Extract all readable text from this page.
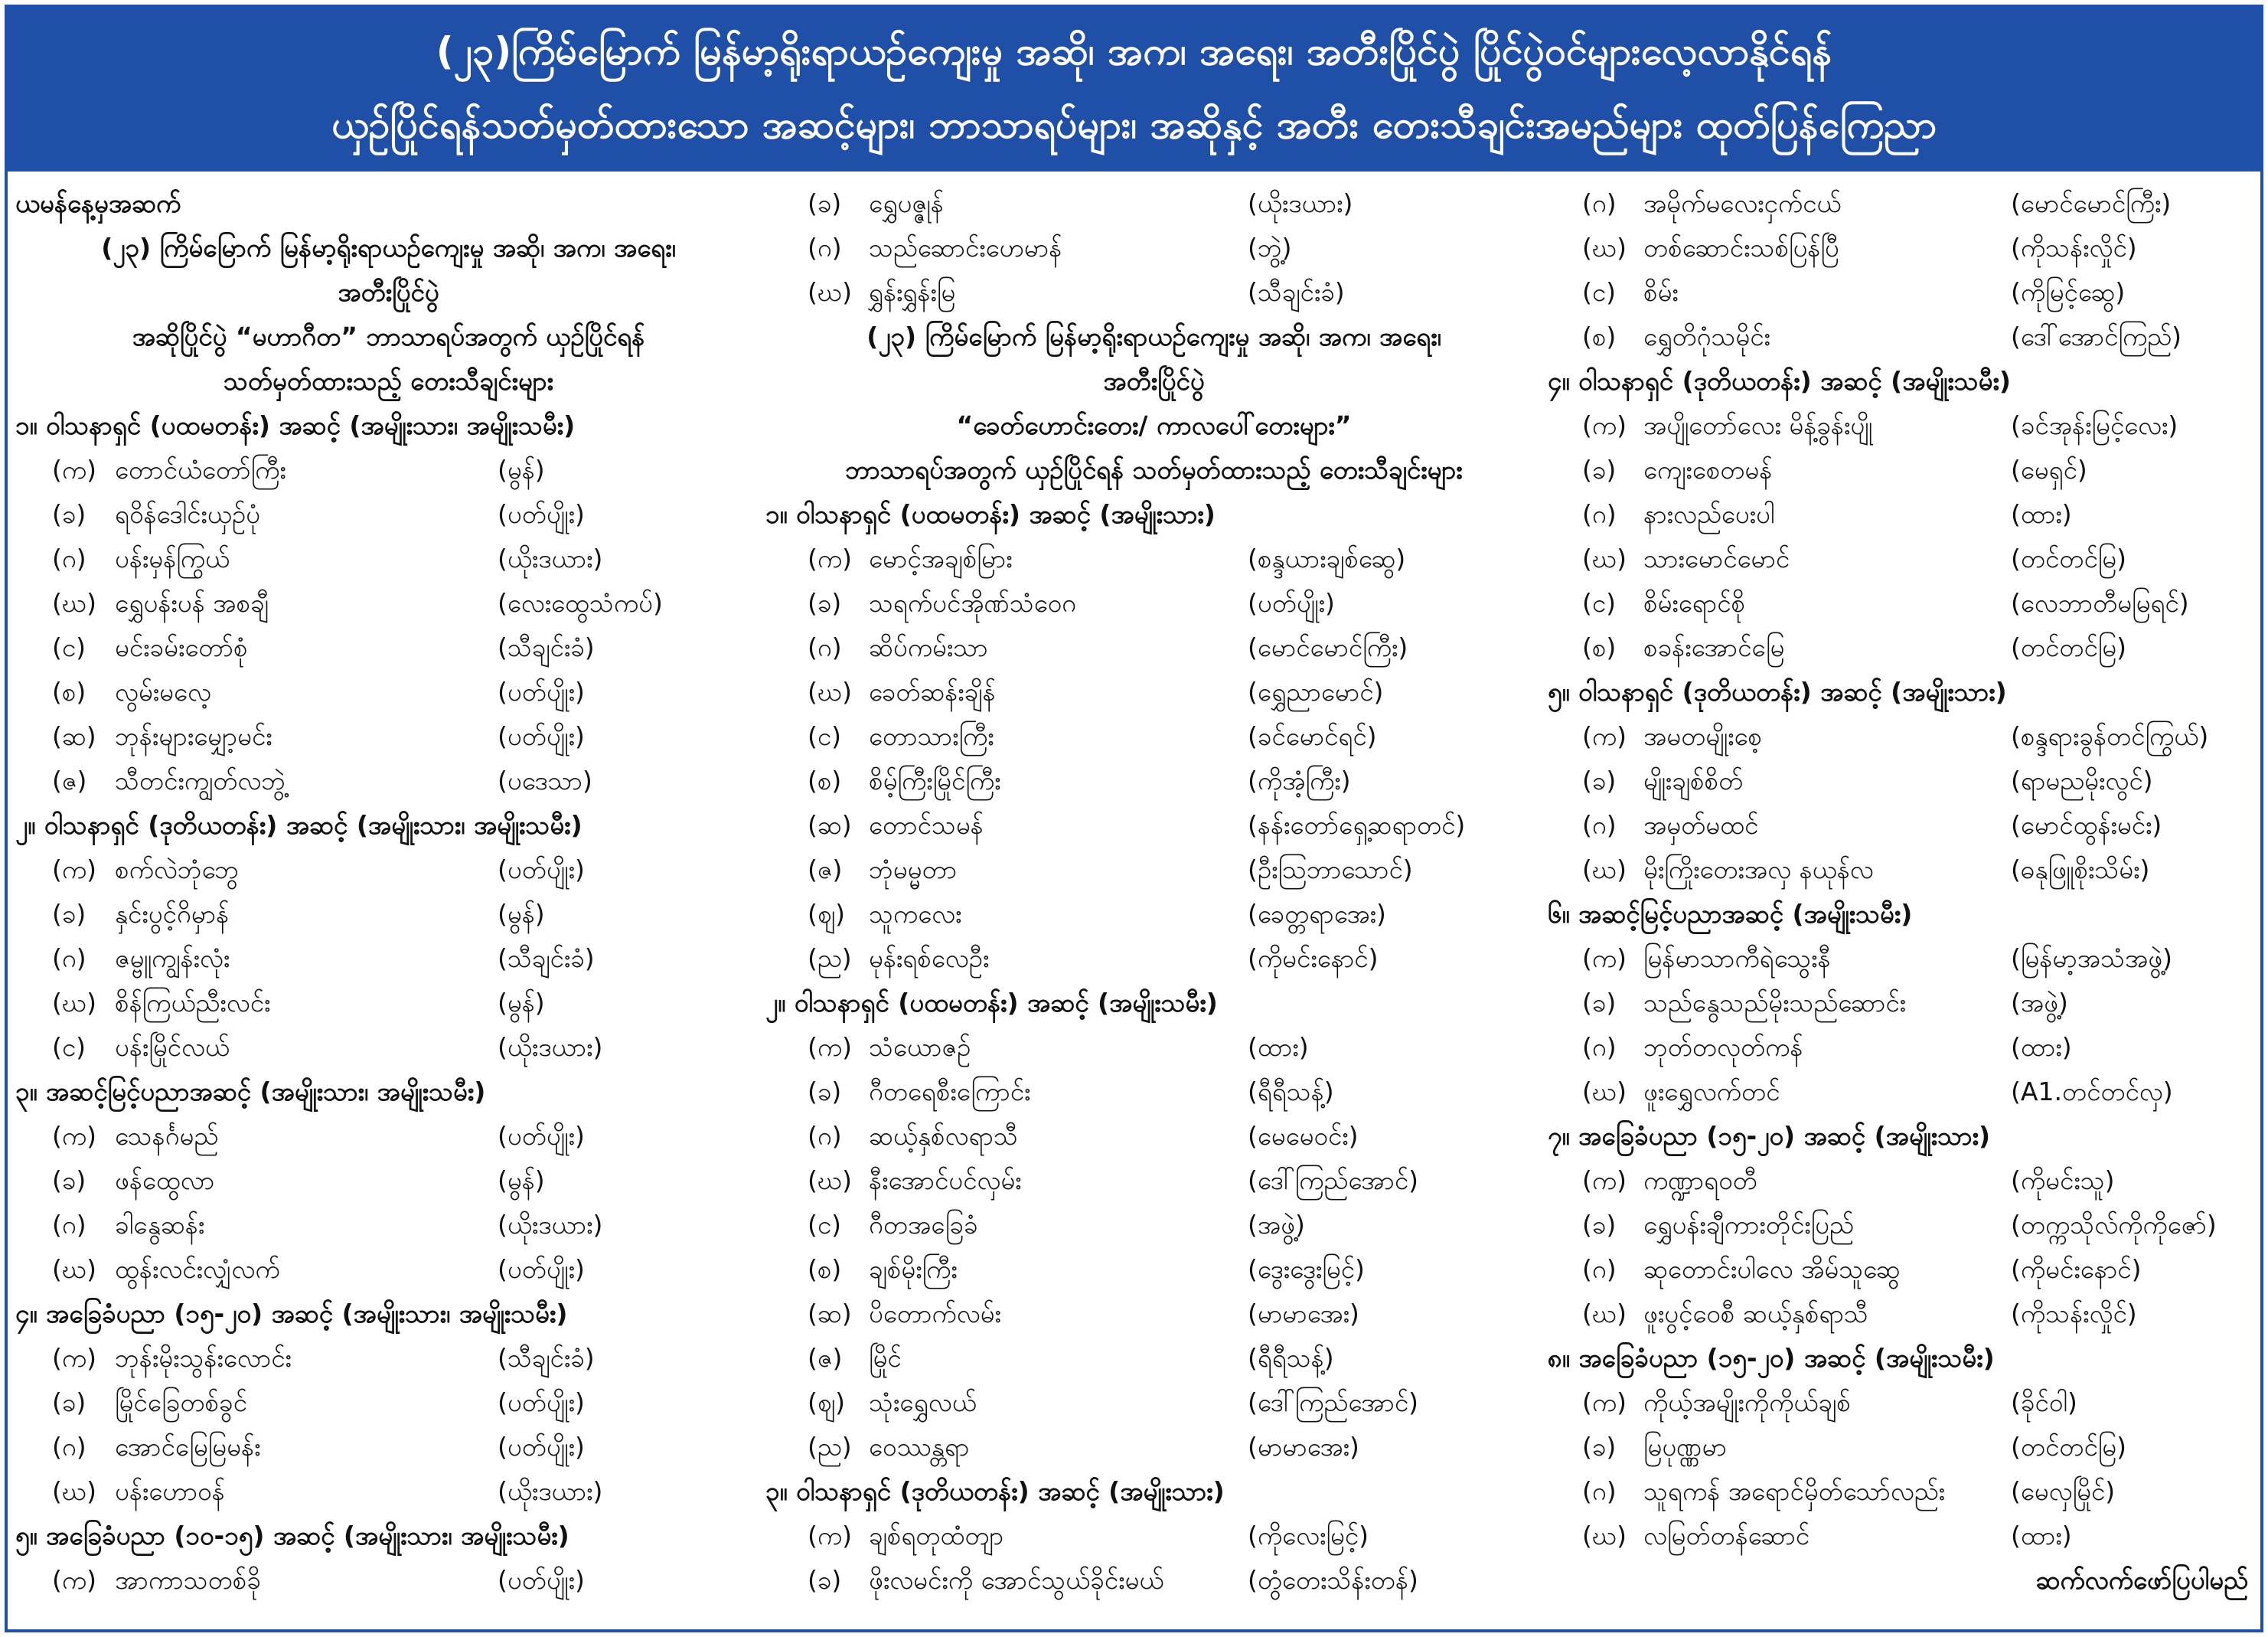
(၂၃)ကြိမ်မြောက် မြန်မာ့ရိုးရာယဉ်ကျေးမှု အဆို၊ အက၊ အရေး၊ အတီးပြိုင်ပွဲ ပြိုင်ပွဲဝင်များလေ့လာနိုင်ရန်
ယှဉ်ပြိုင်ရန်သတ်မှတ်ထားသော အဆင့်များ၊ ဘာသာရပ်များ၊ အဆိုနှင့် အတီး တေးသီချင်းအမည်များ ထုတ်ပြန်ကြေညာ
ယမန်နေ့မှအဆက်
(၂၃) ကြိမ်မြောက် မြန်မာ့ရိုးရာယဉ်ကျေးမှု အဆို၊ အက၊ အရေး၊
အတီးပြိုင်ပွဲ
အဆိုပြိုင်ပွဲ “မဟာဂီတ” ဘာသာရပ်အတွက် ယှဉ်ပြိုင်ရန်
သတ်မှတ်ထားသည့် တေးသီချင်းများ
၁။ ဝါသနာရှင် (ပထမတန်း) အဆင့် (အမျိုးသား၊ အမျိုးသမီး)
(က) တောင်ယံတော်ကြီး	(မွန်)
(ခ) ရဝိန်ဒေါင်းယှဉ်ပုံ	(ပတ်ပျိုး)
(ဂ) ပန်းမှန်ကြွယ်	(ယိုးဒယား)
(ဃ) ရွှေပန်းပန် အစချီ	(လေးထွေသံကပ်)
(င) မင်းခမ်းတော်စုံ	(သီချင်းခံ)
(စ) လွမ်းမလေ့	(ပတ်ပျိုး)
(ဆ) ဘုန်းများမျှော့မင်း	(ပတ်ပျိုး)
(ဇ) သီတင်းကျွတ်လဘွဲ့	(ပဒေသာ)
၂။ ဝါသနာရှင် (ဒုတိယတန်း) အဆင့် (အမျိုးသား၊ အမျိုးသမီး)
(က) စက်လဲဘုံဘွေ	(ပတ်ပျိုး)
(ခ) နှင်းပွင့်ဂိမှာန်	(မွန်)
(ဂ) ဇမ္ဗူကျွန်းလုံး	(သီချင်းခံ)
(ဃ) စိန်ကြယ်ညီးလင်း	(မွန်)
(င) ပန်းမြိုင်လယ်	(ယိုးဒယား)
၃။ အဆင့်မြင့်ပညာအဆင့် (အမျိုးသား၊ အမျိုးသမီး)
(က) သေနင်္ဂမည်	(ပတ်ပျိုး)
(ခ) ဖန်ထွေလာ	(မွန်)
(ဂ) ခါနွေဆန်း	(ယိုးဒယား)
(ဃ) ထွန်းလင်းလျှံလက်	(ပတ်ပျိုး)
၄။ အခြေခံပညာ (၁၅-၂၀) အဆင့် (အမျိုးသား၊ အမျိုးသမီး)
(က) ဘုန်းမိုးသွန်းလောင်း	(သီချင်းခံ)
(ခ) မြိုင်ခြေတစ်ခွင်	(ပတ်ပျိုး)
(ဂ) အောင်မြေမြမန်း	(ပတ်ပျိုး)
(ဃ) ပန်းဟောဝန်	(ယိုးဒယား)
၅။ အခြေခံပညာ (၁၀-၁၅) အဆင့် (အမျိုးသား၊ အမျိုးသမီး)
(က) အာကာသတစ်ခို	(ပတ်ပျိုး)
(ခ) ရွှေပဇ္ဇုန်	(ယိုးဒယား)
(ဂ) သည်ဆောင်းဟေမာန်	(ဘွဲ့)
(ဃ) ရွှန်းရွှန်းမြ	(သီချင်းခံ)
(၂၃) ကြိမ်မြောက် မြန်မာ့ရိုးရာယဉ်ကျေးမှု အဆို၊ အက၊ အရေး၊
အတီးပြိုင်ပွဲ
“ခေတ်ဟောင်းတေး/ ကာလပေါ်တေးများ”
ဘာသာရပ်အတွက် ယှဉ်ပြိုင်ရန် သတ်မှတ်ထားသည့် တေးသီချင်းများ
၁။ ဝါသနာရှင် (ပထမတန်း) အဆင့် (အမျိုးသား)
(က) မောင့်အချစ်မြား	(စန္ဒယားချစ်ဆွေ)
(ခ) သရက်ပင်အိုဏ်သံဝေဂ	(ပတ်ပျိုး)
(ဂ) ဆိပ်ကမ်းသာ	(မောင်မောင်ကြီး)
(ဃ) ခေတ်ဆန်းချိန်	(ရွှေညာမောင်)
(င) တောသားကြီး	(ခင်မောင်ရင်)
(စ) စိမ့်ကြီးမြိုင်ကြီး	(ကိုအံ့ကြီး)
(ဆ) တောင်သမန်	(နန်းတော်ရှေ့ဆရာတင်)
(ဇ) ဘုံမမ္မတာ	(ဦးသြဘာသောင်)
(ဈ) သူကလေး	(ခေတ္တရာအေး)
(ည) မုန်းရစ်လေဦး	(ကိုမင်းနောင်)
၂။ ဝါသနာရှင် (ပထမတန်း) အဆင့် (အမျိုးသမီး)
(က) သံယောဇဉ်	(ထား)
(ခ) ဂီတရေစီးကြောင်း	(ရီရီသန့်)
(ဂ) ဆယ့်နှစ်လရာသီ	(မေမေဝင်း)
(ဃ) နီးအောင်ပင်လှမ်း	(ဒေါ်ကြည်အောင်)
(င) ဂီတအခြေခံ	(အဖွဲ့)
(စ) ချစ်မိုးကြီး	(ဒွေးဒွေးမြင့်)
(ဆ) ပိတောက်လမ်း	(မာမာအေး)
(ဇ) မြိုင်	(ရီရီသန့်)
(ဈ) သုံးရွှေလယ်	(ဒေါ်ကြည်အောင်)
(ည) ဝေဿန္တရာ	(မာမာအေး)
၃။ ဝါသနာရှင် (ဒုတိယတန်း) အဆင့် (အမျိုးသား)
(က) ချစ်ရတုထံတျာ	(ကိုလေးမြင့်)
(ခ) ဖိုးလမင်းကို အောင်သွယ်ခိုင်းမယ်	(တွံတေးသိန်းတန်)
(ဂ) အမိုက်မလေးငှက်ငယ်	(မောင်မောင်ကြီး)
(ဃ) တစ်ဆောင်းသစ်ပြန်ပြီ	(ကိုသန်းလှိုင်)
(င) စိမ်း	(ကိုမြင့်ဆွေ)
(စ) ရွှေတိဂုံသမိုင်း	(ဒေါ်အောင်ကြည်)
၄။ ဝါသနာရှင် (ဒုတိယတန်း) အဆင့် (အမျိုးသမီး)
(က) အပျိုတော်လေး မိန့်ခွန်းပျို	(ခင်အုန်းမြင့်လေး)
(ခ) ကျေးစေတမန်	(မေရှင်)
(ဂ) နားလည်ပေးပါ	(ထား)
(ဃ) သားမောင်မောင်	(တင်တင်မြ)
(င) စိမ်းရောင်စို	(လေဘာတီမမြရင်)
(စ) စခန်းအောင်မြေ	(တင်တင်မြ)
၅။ ဝါသနာရှင် (ဒုတိယတန်း) အဆင့် (အမျိုးသား)
(က) အမတမျိုးစေ့	(စန္ဒရားခွန်တင်ကြွယ်)
(ခ) မျိုးချစ်စိတ်	(ရာမညမိုးလွင်)
(ဂ) အမှတ်မထင်	(မောင်ထွန်းမင်း)
(ဃ) မိုးကြိုးတေးအလှ နယုန်လ	(ဓနုဖြူစိုးသိမ်း)
၆။ အဆင့်မြင့်ပညာအဆင့် (အမျိုးသမီး)
(က) မြန်မာသာကီရဲသွေးနီ	(မြန်မာ့အသံအဖွဲ့)
(ခ) သည်နွေသည်မိုးသည်ဆောင်း	(အဖွဲ့)
(ဂ) ဘုတ်တလုတ်ကန်	(ထား)
(ဃ) ဖူးရွှေလက်တင်	(A1.တင်တင်လှ)
၇။ အခြေခံပညာ (၁၅-၂၀) အဆင့် (အမျိုးသား)
(က) ကဏ္ဍာရဝတီ	(ကိုမင်းသူ)
(ခ) ရွှေပန်းချီကားတိုင်းပြည်	(တက္ကသိုလ်ကိုကိုဇော်)
(ဂ) ဆုတောင်းပါလေ အိမ်သူဆွေ	(ကိုမင်းနောင်)
(ဃ) ဖူးပွင့်ဝေစီ ဆယ့်နှစ်ရာသီ	(ကိုသန်းလှိုင်)
၈။ အခြေခံပညာ (၁၅-၂၀) အဆင့် (အမျိုးသမီး)
(က) ကိုယ့်အမျိုးကိုကိုယ်ချစ်	(ခိုင်ဝါ)
(ခ) မြပုဏ္ဏမာ	(တင်တင်မြ)
(ဂ) သူရကန် အရောင်မှိတ်သော်လည်း	(မေလှမြိုင်)
(ဃ) လမြတ်တန်ဆောင်	(ထား)
ဆက်လက်ဖော်ပြပါမည်
